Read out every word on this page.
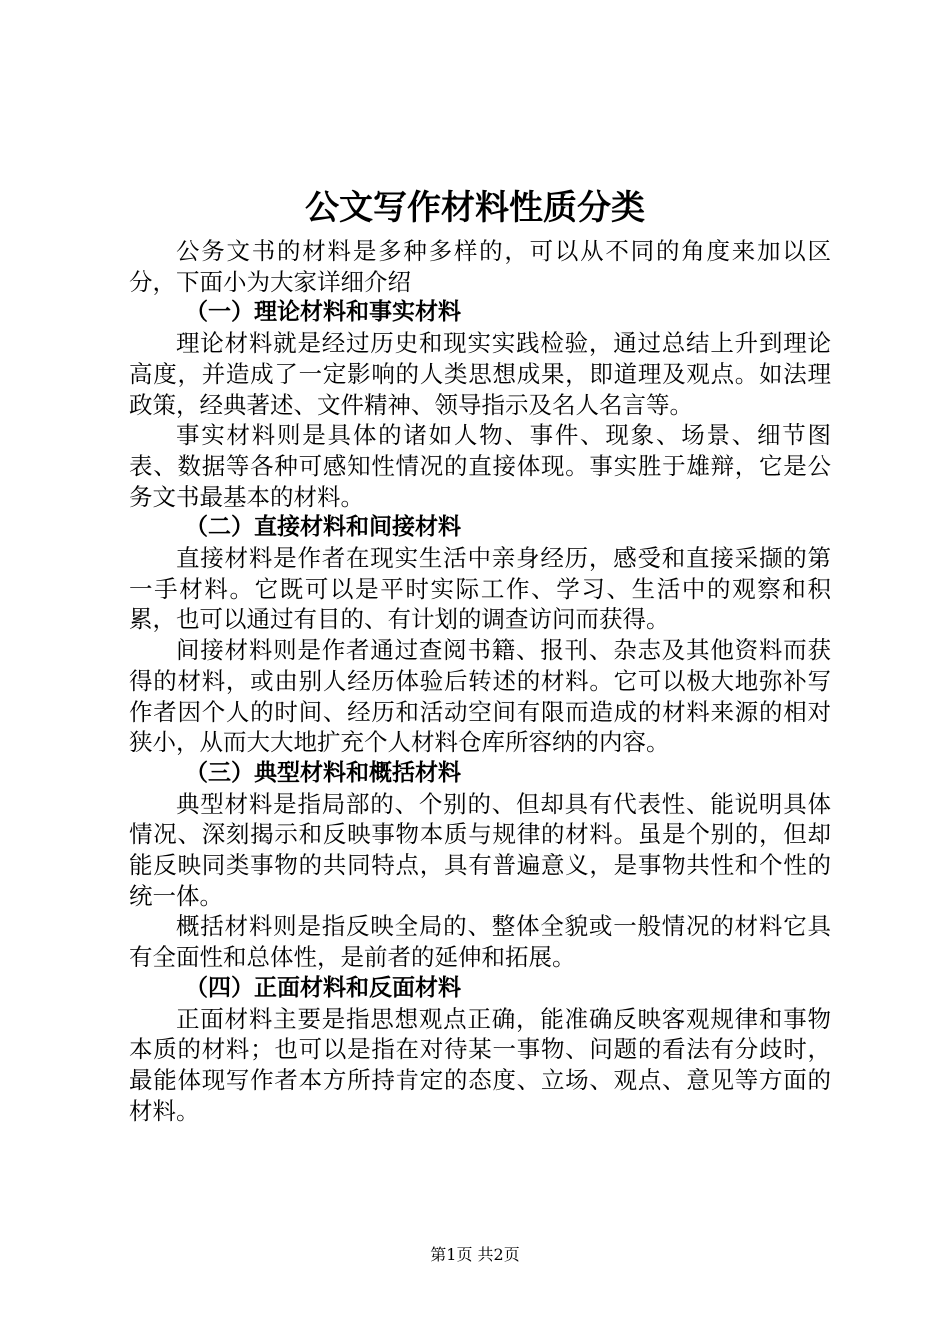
公文写作材料性质分类

公务文书的材料是多种多样的，可以从不同的角度来加以区分，下面小为大家详细介绍

（一）理论材料和事实材料

理论材料就是经过历史和现实实践检验，通过总结上升到理论高度，并造成了一定影响的人类思想成果，即道理及观点。如法理政策，经典著述、文件精神、领导指示及名人名言等。

事实材料则是具体的诸如人物、事件、现象、场景、细节图表、数据等各种可感知性情况的直接体现。事实胜于雄辩，它是公务文书最基本的材料。

（二）直接材料和间接材料

直接材料是作者在现实生活中亲身经历，感受和直接采撷的第一手材料。它既可以是平时实际工作、学习、生活中的观察和积累，也可以通过有目的、有计划的调查访问而获得。

间接材料则是作者通过查阅书籍、报刊、杂志及其他资料而获得的材料，或由别人经历体验后转述的材料。它可以极大地弥补写作者因个人的时间、经历和活动空间有限而造成的材料来源的相对狭小，从而大大地扩充个人材料仓库所容纳的内容。

（三）典型材料和概括材料

典型材料是指局部的、个别的、但却具有代表性、能说明具体情况、深刻揭示和反映事物本质与规律的材料。虽是个别的，但却能反映同类事物的共同特点，具有普遍意义，是事物共性和个性的统一体。

概括材料则是指反映全局的、整体全貌或一般情况的材料它具有全面性和总体性，是前者的延伸和拓展。

（四）正面材料和反面材料

正面材料主要是指思想观点正确，能准确反映客观规律和事物本质的材料；也可以是指在对待某一事物、问题的看法有分歧时，最能体现写作者本方所持肯定的态度、立场、观点、意见等方面的材料。

第1页 共2页
